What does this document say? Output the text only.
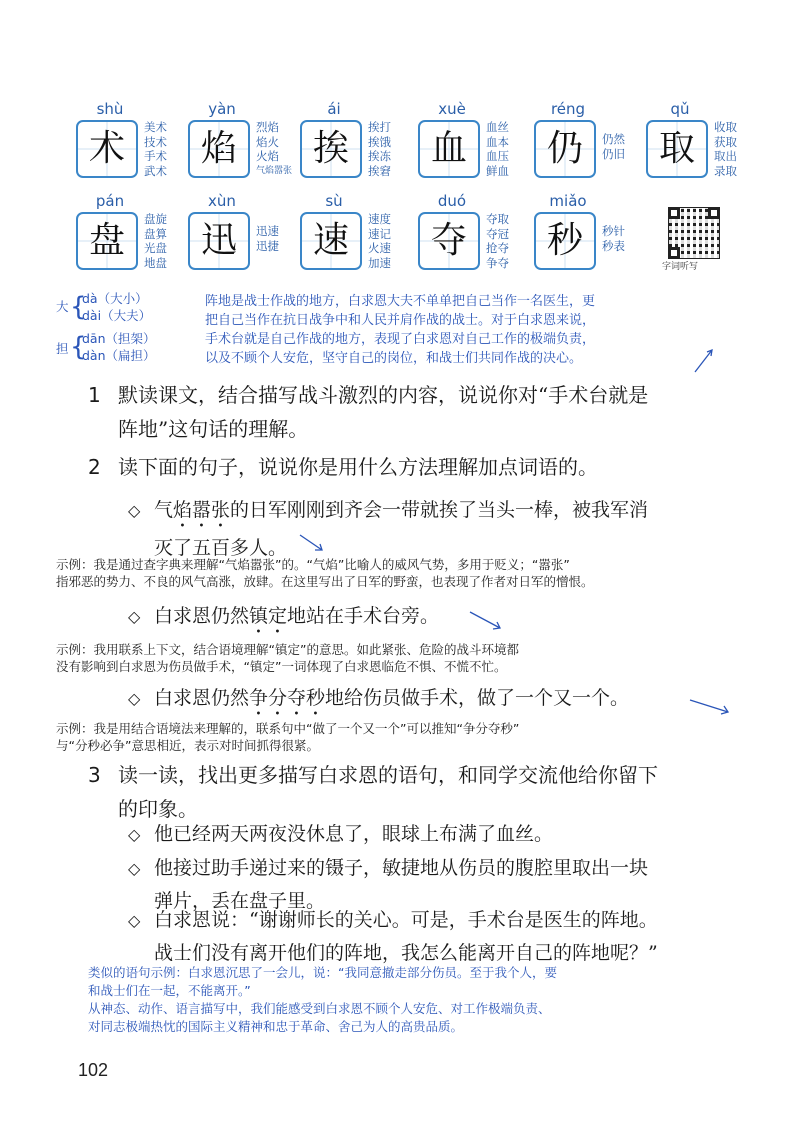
shù
术
美术
技术
手术
武术
yàn
焰
烈焰
焰火
火焰
气焰嚣张
ái
挨
挨打
挨饿
挨冻
挨窘
xuè
血
血丝
血本
血压
鲜血
réng
仍 仍然
仍旧
qǔ
取
收取
获取
取出
录取
pán
盘
盘旋
盘算
光盘
地盘
xùn
迅 迅速
迅捷
sù
速
速度
速记
火速
加速
duó
夺
夺取
夺冠
抢夺
争夺
miǎo
秒 秒针
秒表
字词听写
大 {
dà（大小）
dài（大夫）
担 {
dān（担架）
dàn（扁担）
阵地是战士作战的地方，白求恩大夫不单单把自己当作一名医生，更
把自己当作在抗日战争中和人民并肩作战的战士。对于白求恩来说，
手术台就是自己作战的地方，表现了白求恩对自己工作的极端负责，
以及不顾个人安危，坚守自己的岗位，和战士们共同作战的决心。
1 默读课文，结合描写战斗激烈的内容，说说你对“手术台就是
阵地”这句话的理解。
2 读下面的句子，说说你是用什么方法理解加点词语的。
◇ 气焰嚣张的日军刚刚到齐会一带就挨了当头一棒，被我军消
灭了五百多人。
示例：我是通过查字典来理解“气焰嚣张”的。“气焰”比喻人的威风气势，多用于贬义；“嚣张”
指邪恶的势力、不良的风气高涨，放肆。在这里写出了日军的野蛮，也表现了作者对日军的憎恨。
◇ 白求恩仍然镇定地站在手术台旁。
示例：我用联系上下文，结合语境理解“镇定”的意思。如此紧张、危险的战斗环境都
没有影响到白求恩为伤员做手术，“镇定”一词体现了白求恩临危不惧、不慌不忙。
◇ 白求恩仍然争分夺秒地给伤员做手术，做了一个又一个。
示例：我是用结合语境法来理解的，联系句中“做了一个又一个”可以推知“争分夺秒”
与“分秒必争”意思相近，表示对时间抓得很紧。
3 读一读，找出更多描写白求恩的语句，和同学交流他给你留下
的印象。
◇ 他已经两天两夜没休息了，眼球上布满了血丝。
◇ 他接过助手递过来的镊子，敏捷地从伤员的腹腔里取出一块
弹片，丢在盘子里。
◇ 白求恩说：“谢谢师长的关心。可是，手术台是医生的阵地。
战士们没有离开他们的阵地，我怎么能离开自己的阵地呢？”
类似的语句示例：白求恩沉思了一会儿，说：“我同意撤走部分伤员。至于我个人，要
和战士们在一起，不能离开。”
从神态、动作、语言描写中，我们能感受到白求恩不顾个人安危、对工作极端负责、
对同志极端热忱的国际主义精神和忠于革命、舍己为人的高贵品质。
102
